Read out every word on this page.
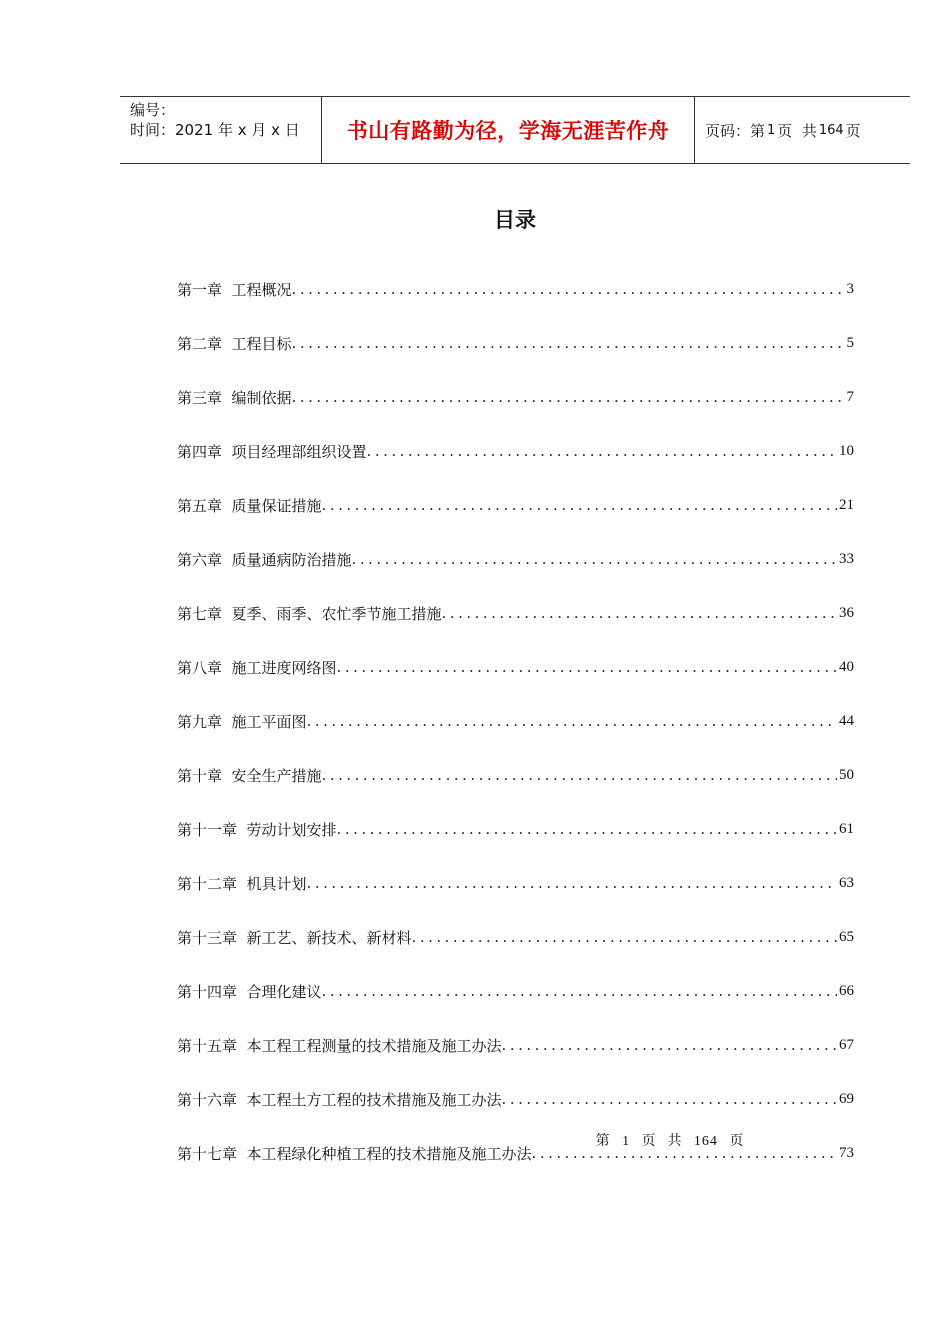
编号：
时间：2021 年 x 月 x 日	书山有路勤为径，学海无涯苦作舟 页码：第 1 页  共 164 页
目录
第一章  工程概况 .....	3
第二章  工程目标 .....	5
第三章  编制依据 .....	7
第四章  项目经理部组织设置 .....	10
第五章  质量保证措施 .....	21
第六章  质量通病防治措施 .....	33
第七章  夏季、雨季、农忙季节施工措施 .....	36
第八章  施工进度网络图 .....	40
第九章  施工平面图 .....	44
第十章  安全生产措施 .....	50
第十一章  劳动计划安排 .....	61
第十二章  机具计划 .....	63
第十三章  新工艺、新技术、新材料 .....	65
第十四章  合理化建议 .....	66
第十五章  本工程工程测量的技术措施及施工办法 .....	67
第十六章  本工程土方工程的技术措施及施工办法 .....	69
第十七章  本工程绿化种植工程的技术措施及施工办法 .....	73
第 1 页  共 164 页
